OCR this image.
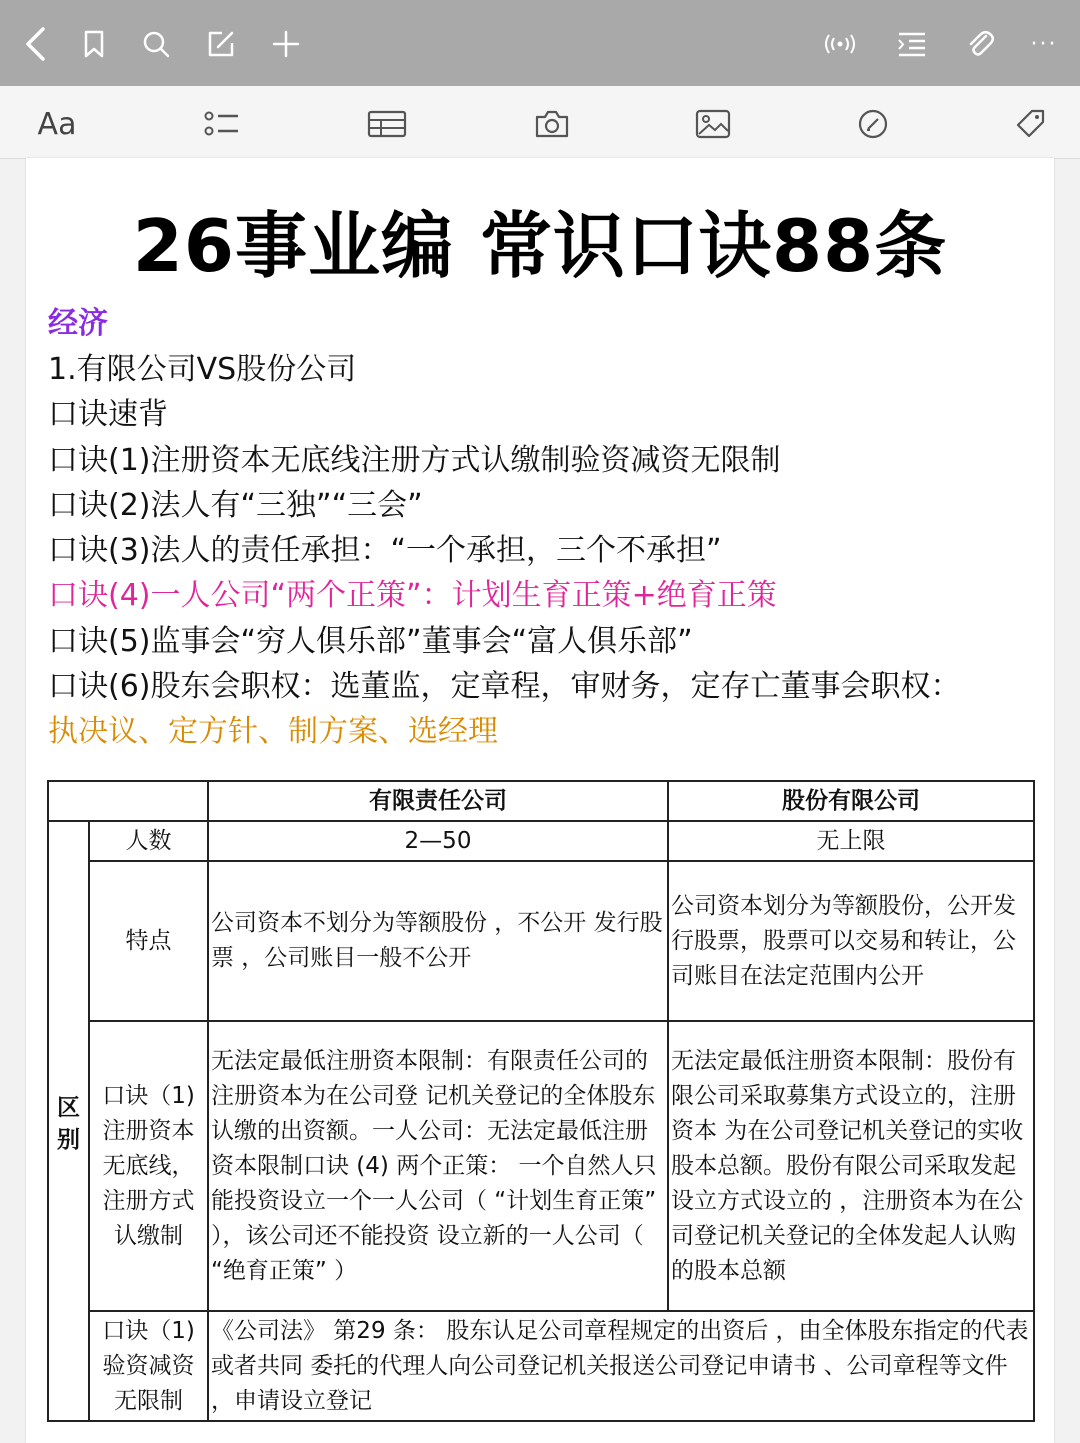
···
Aa
26事业编 常识口诀88条
经济
1.有限公司VS股份公司
口诀速背
口诀(1)注册资本无底线注册方式认缴制验资减资无限制
口诀(2)法人有“三独”“三会”
口诀(3)法人的责任承担：“一个承担，三个不承担”
口诀(4)一人公司“两个正策”：计划生育正策+绝育正策
口诀(5)监事会“穷人俱乐部”董事会“富人俱乐部”
口诀(6)股东会职权：选董监，定章程，审财务，定存亡董事会职权：
执决议、定方针、制方案、选经理
		有限责任公司	股份有限公司
区别	人数	2—50	无上限
	特点	公司资本不划分为等额股份 ，不公开 发行股票 ，公司账目一般不公开	公司资本划分为等额股份，公开发行股票，股票可以交易和转让，公司账目在法定范围内公开

	口诀（1)注册资本无底线，注册方式 认缴制	无法定最低注册资本限制：有限责任公司的注册资本为在公司登 记机关登记的全体股东认缴的出资额。一人公司：无法定最低注册资本限制口诀 (4) 两个正策： 一个自然人只能投资设立一个一人公司（ “计划生育正策” ），该公司还不能投资 设立新的一人公司（ “绝育正策” ）	无法定最低注册资本限制：股份有限公司采取募集方式设立的，注册资本 为在公司登记机关登记的实收股本总额。股份有限公司采取发起设立方式设立的 ，注册资本为在公司登记机关登记的全体发起人认购的股本总额

	口诀（1)验资减资无限制	《公司法》 第29 条： 股东认足公司章程规定的出资后 ，由全体股东指定的代表或者共同 委托的代理人向公司登记机关报送公司登记申请书 、公司章程等文件 ，申请设立登记	
